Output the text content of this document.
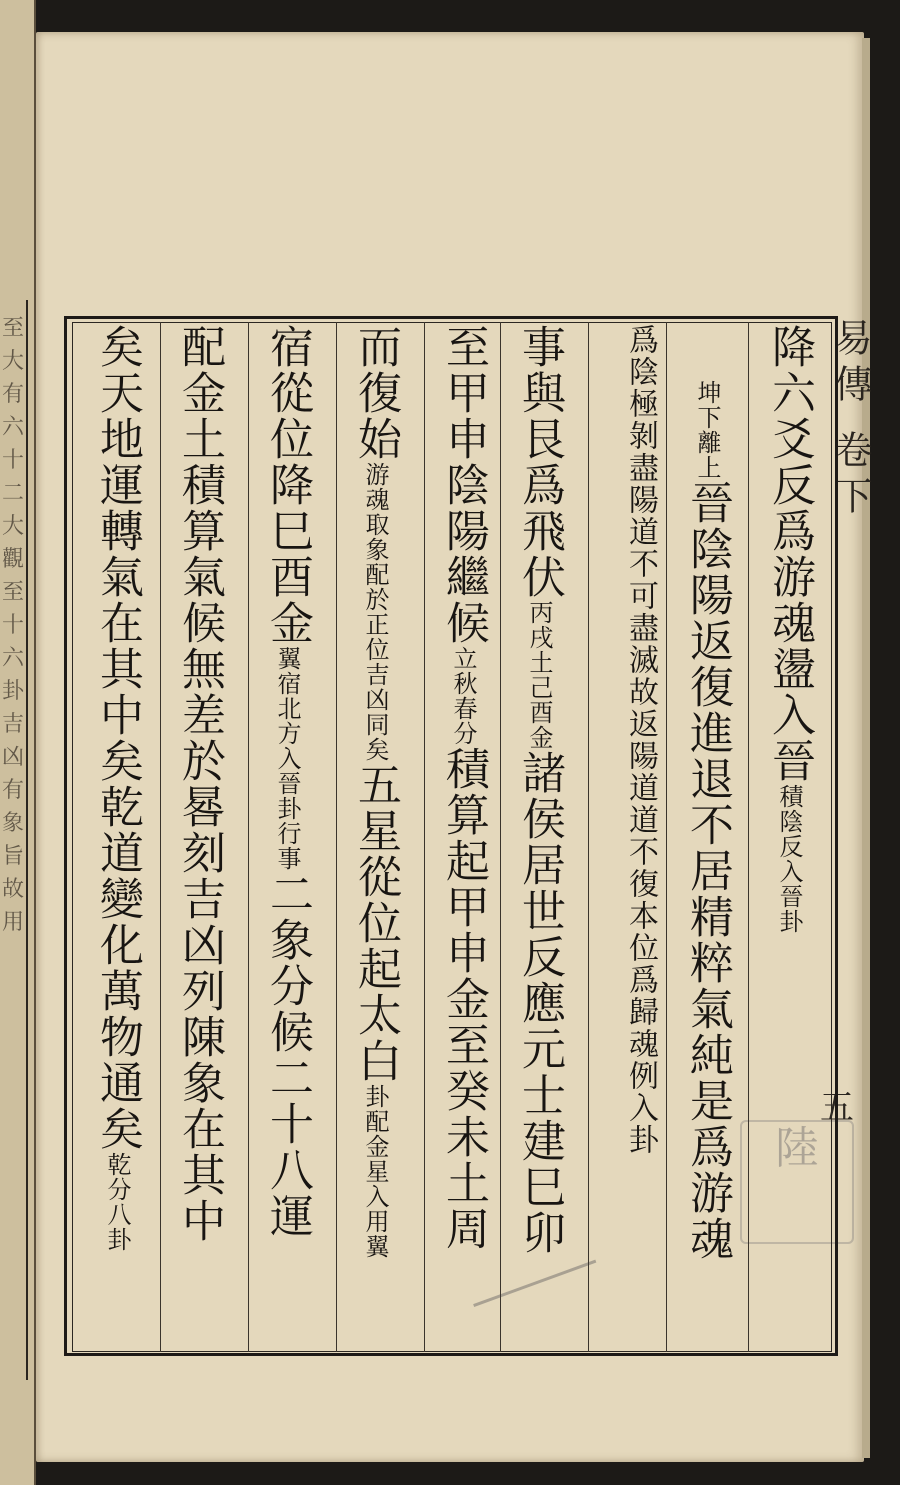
至大有六十二大觀至十六卦吉凶有象旨故用
易傳 卷下
五
陸
降六爻反爲游魂盪入晉積陰反入晉卦
坤下離上晉陰陽返復進退不居精粹氣純是爲游魂
爲陰極剝盡陽道不可盡滅故返陽道道不復本位爲歸魂例入卦
事與艮爲飛伏丙戌土己酉金諸侯居世反應元士建巳卯
至甲申陰陽繼候立秋春分積算起甲申金至癸未土周
而復始游魂取象配於正位吉凶同矣五星從位起太白卦配金星入用翼
宿從位降巳酉金翼宿北方入晉卦行事二象分候二十八運
配金土積算氣候無差於晷刻吉凶列陳象在其中
矣天地運轉氣在其中矣乾道變化萬物通矣乾分八卦
